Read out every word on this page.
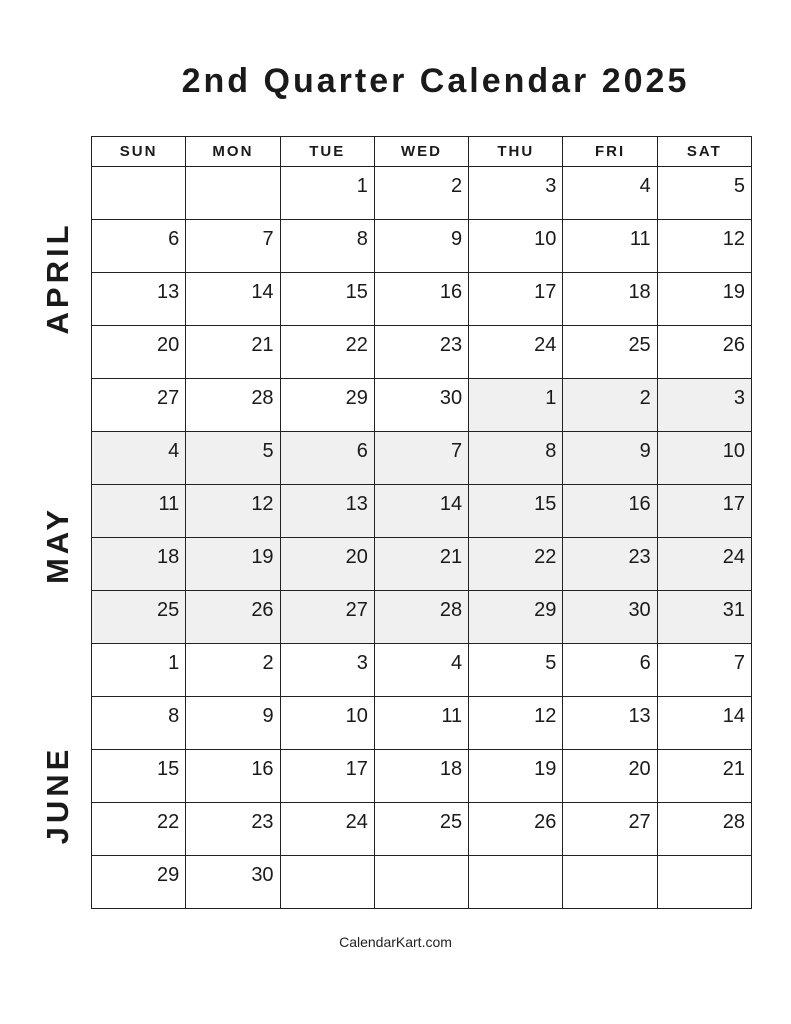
2nd Quarter Calendar 2025
APRIL
MAY
JUNE
SUN	MON	TUE	WED	THU	FRI	SAT

		1	2	3	4	5

6	7	8	9	10	11	12

13	14	15	16	17	18	19

20	21	22	23	24	25	26

27	28	29	30	1	2	3

4	5	6	7	8	9	10

11	12	13	14	15	16	17

18	19	20	21	22	23	24

25	26	27	28	29	30	31

1	2	3	4	5	6	7

8	9	10	11	12	13	14

15	16	17	18	19	20	21

22	23	24	25	26	27	28

29	30					

CalendarKart.com
